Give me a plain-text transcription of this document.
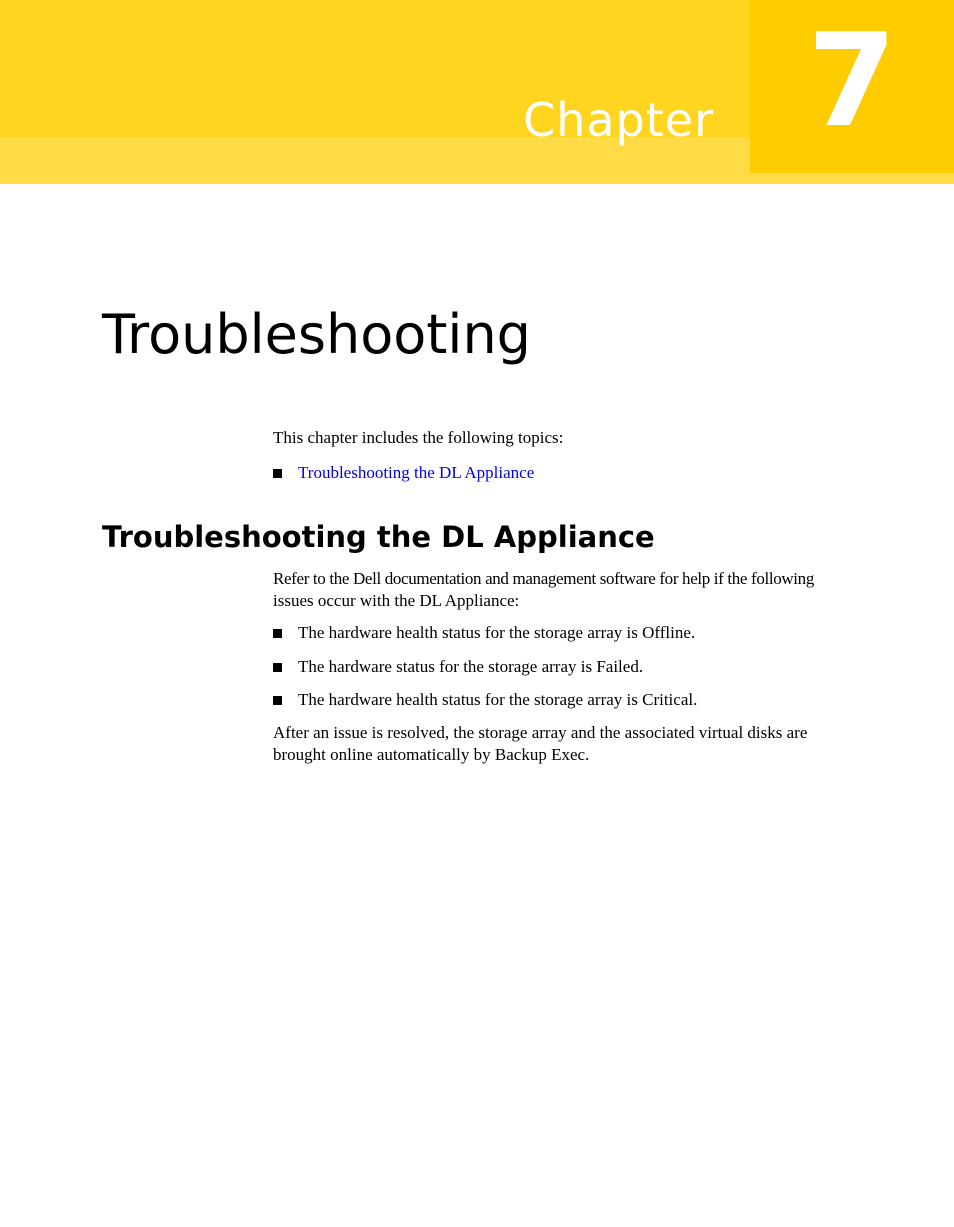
Chapter 7
Troubleshooting

This chapter includes the following topics:

Troubleshooting the DL Appliance
Troubleshooting the DL Appliance

Refer to the Dell documentation and management software for help if the following

issues occur with the DL Appliance:

The hardware health status for the storage array is Offline.
The hardware status for the storage array is Failed.
The hardware health status for the storage array is Critical.

After an issue is resolved, the storage array and the associated virtual disks are

brought online automatically by Backup Exec.
